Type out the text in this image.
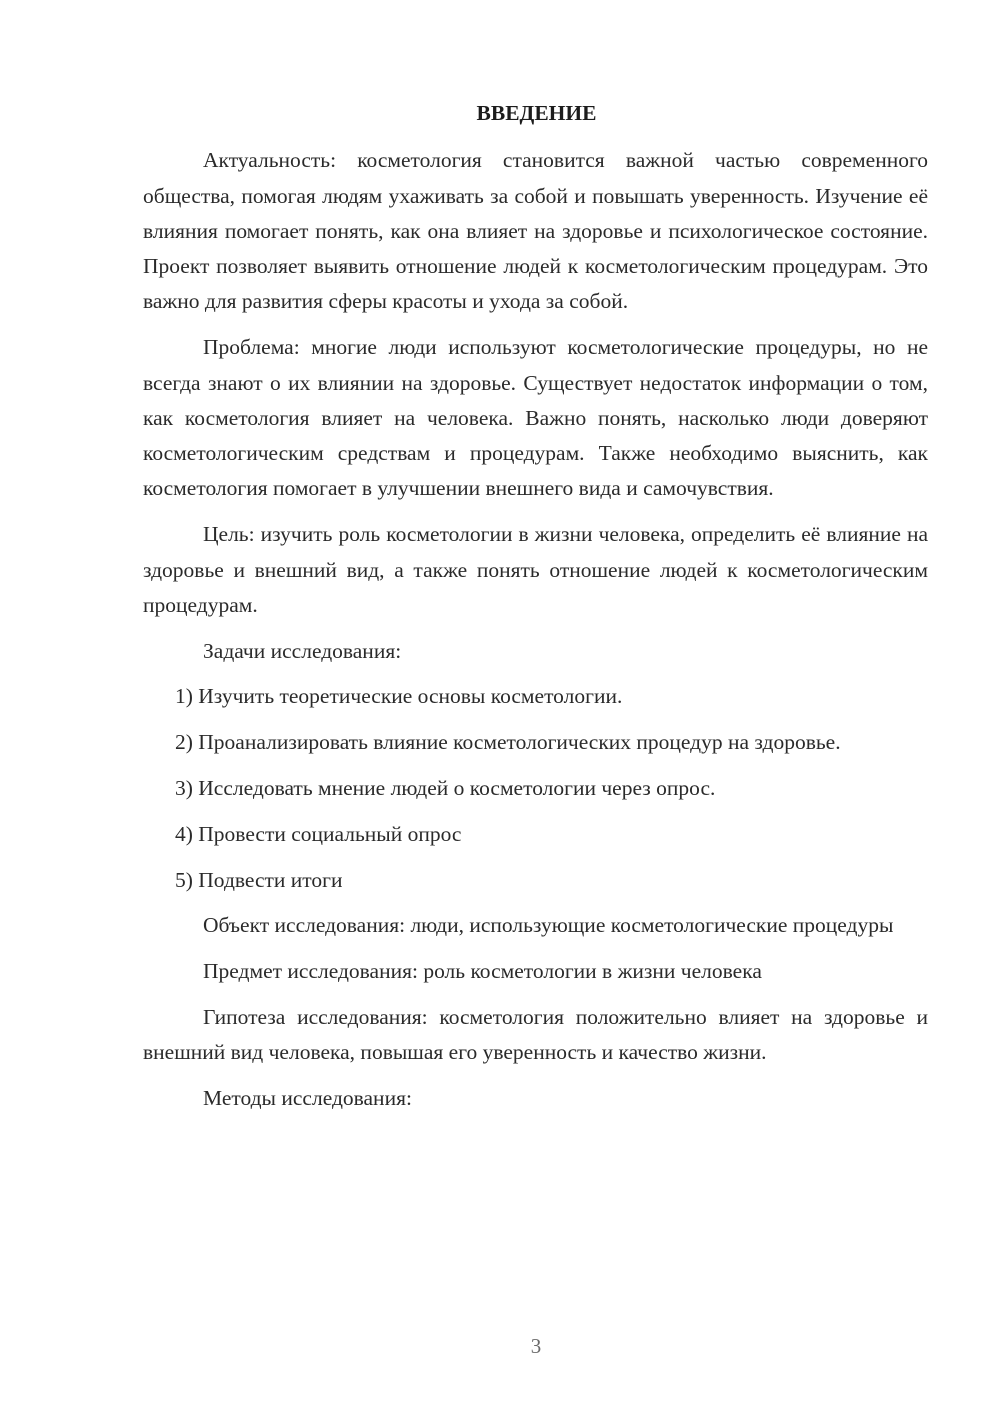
ВВЕДЕНИЕ

Актуальность: косметология становится важной частью современного общества, помогая людям ухаживать за собой и повышать уверенность. Изучение её влияния помогает понять, как она влияет на здоровье и психологическое состояние. Проект позволяет выявить отношение людей к косметологическим процедурам. Это важно для развития сферы красоты и ухода за собой.

Проблема: многие люди используют косметологические процедуры, но не всегда знают о их влиянии на здоровье. Существует недостаток информации о том, как косметология влияет на человека. Важно понять, насколько люди доверяют косметологическим средствам и процедурам. Также необходимо выяснить, как косметология помогает в улучшении внешнего вида и самочувствия.

Цель: изучить роль косметологии в жизни человека, определить её влияние на здоровье и внешний вид, а также понять отношение людей к косметологическим процедурам.

Задачи исследования:

1) Изучить теоретические основы косметологии.

2) Проанализировать влияние косметологических процедур на здоровье.

3) Исследовать мнение людей о косметологии через опрос.

4) Провести социальный опрос

5) Подвести итоги

Объект исследования: люди, использующие косметологические процедуры

Предмет исследования: роль косметологии в жизни человека

Гипотеза исследования: косметология положительно влияет на здоровье и внешний вид человека, повышая его уверенность и качество жизни.

Методы исследования:

3
